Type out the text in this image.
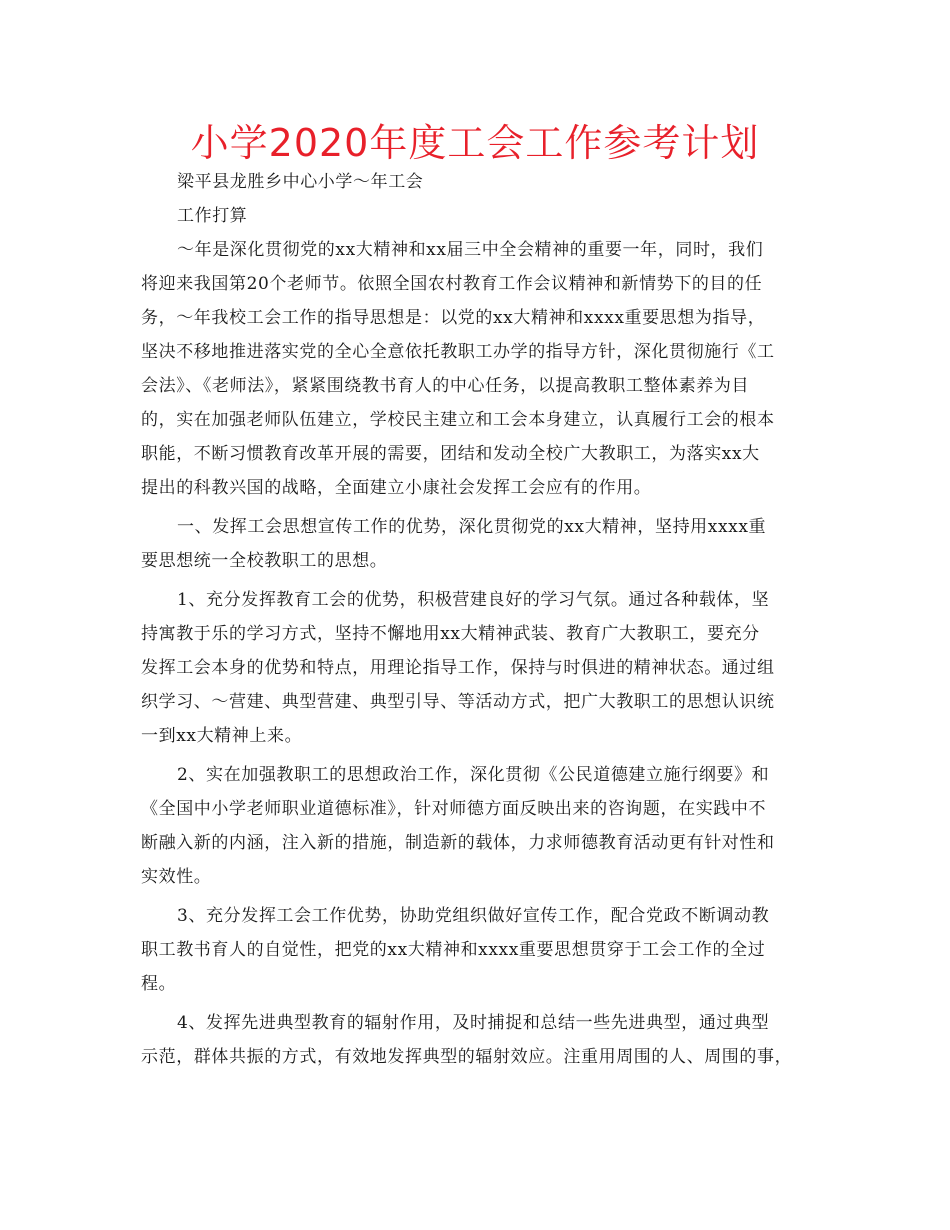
小学2020年度工会工作参考计划
梁平县龙胜乡中心小学～年工会
工作打算
～年是深化贯彻党的xx大精神和xx届三中全会精神的重要一年，同时，我们
将迎来我国第20个老师节。依照全国农村教育工作会议精神和新情势下的目的任
务，～年我校工会工作的指导思想是：以党的xx大精神和xxxx重要思想为指导，
坚决不移地推进落实党的全心全意依托教职工办学的指导方针，深化贯彻施行《工
会法》、《老师法》，紧紧围绕教书育人的中心任务，以提高教职工整体素养为目
的，实在加强老师队伍建立，学校民主建立和工会本身建立，认真履行工会的根本
职能，不断习惯教育改革开展的需要，团结和发动全校广大教职工，为落实xx大
提出的科教兴国的战略，全面建立小康社会发挥工会应有的作用。
一、发挥工会思想宣传工作的优势，深化贯彻党的xx大精神，坚持用xxxx重
要思想统一全校教职工的思想。
1、充分发挥教育工会的优势，积极营建良好的学习气氛。通过各种载体，坚
持寓教于乐的学习方式，坚持不懈地用xx大精神武装、教育广大教职工，要充分
发挥工会本身的优势和特点，用理论指导工作，保持与时俱进的精神状态。通过组
织学习、～营建、典型营建、典型引导、等活动方式，把广大教职工的思想认识统
一到xx大精神上来。
2、实在加强教职工的思想政治工作，深化贯彻《公民道德建立施行纲要》和
《全国中小学老师职业道德标准》，针对师德方面反映出来的咨询题，在实践中不
断融入新的内涵，注入新的措施，制造新的载体，力求师德教育活动更有针对性和
实效性。
3、充分发挥工会工作优势，协助党组织做好宣传工作，配合党政不断调动教
职工教书育人的自觉性，把党的xx大精神和xxxx重要思想贯穿于工会工作的全过
程。
4、发挥先进典型教育的辐射作用，及时捕捉和总结一些先进典型，通过典型
示范，群体共振的方式，有效地发挥典型的辐射效应。注重用周围的人、周围的事，
